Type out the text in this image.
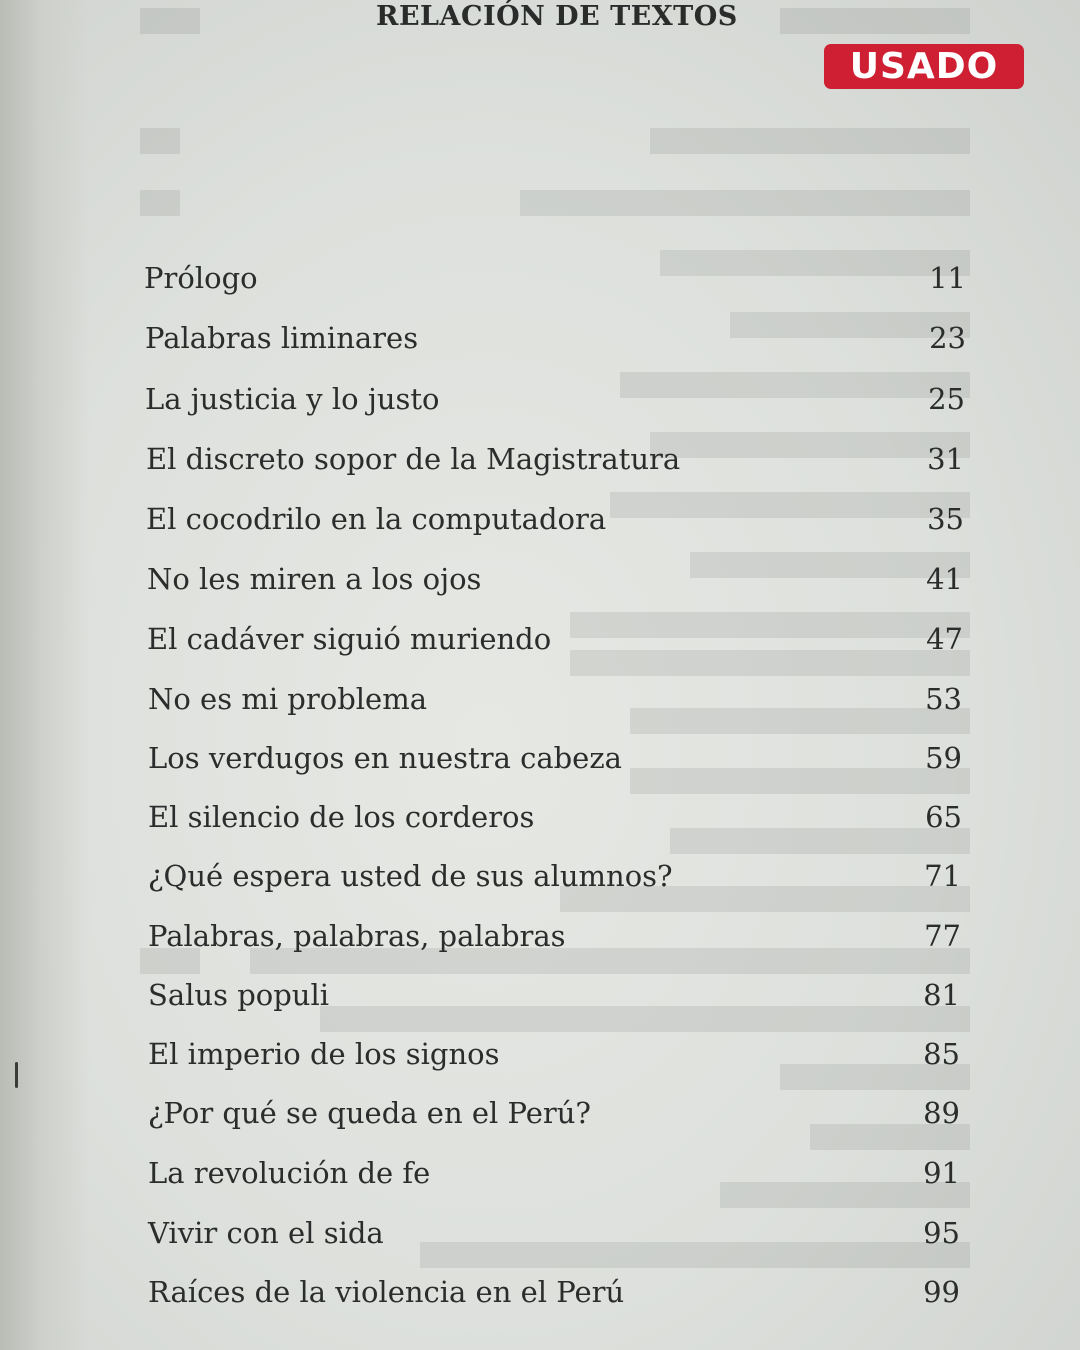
RELACIÓN DE TEXTOS
USADO
Prólogo	11
Palabras liminares	23
La justicia y lo justo	25
El discreto sopor de la Magistratura	31
El cocodrilo en la computadora	35
No les miren a los ojos	41
El cadáver siguió muriendo	47
No es mi problema	53
Los verdugos en nuestra cabeza	59
El silencio de los corderos	65
¿Qué espera usted de sus alumnos?	71
Palabras, palabras, palabras	77
Salus populi	81
El imperio de los signos	85
¿Por qué se queda en el Perú?	89
La revolución de fe	91
Vivir con el sida	95
Raíces de la violencia en el Perú	99
